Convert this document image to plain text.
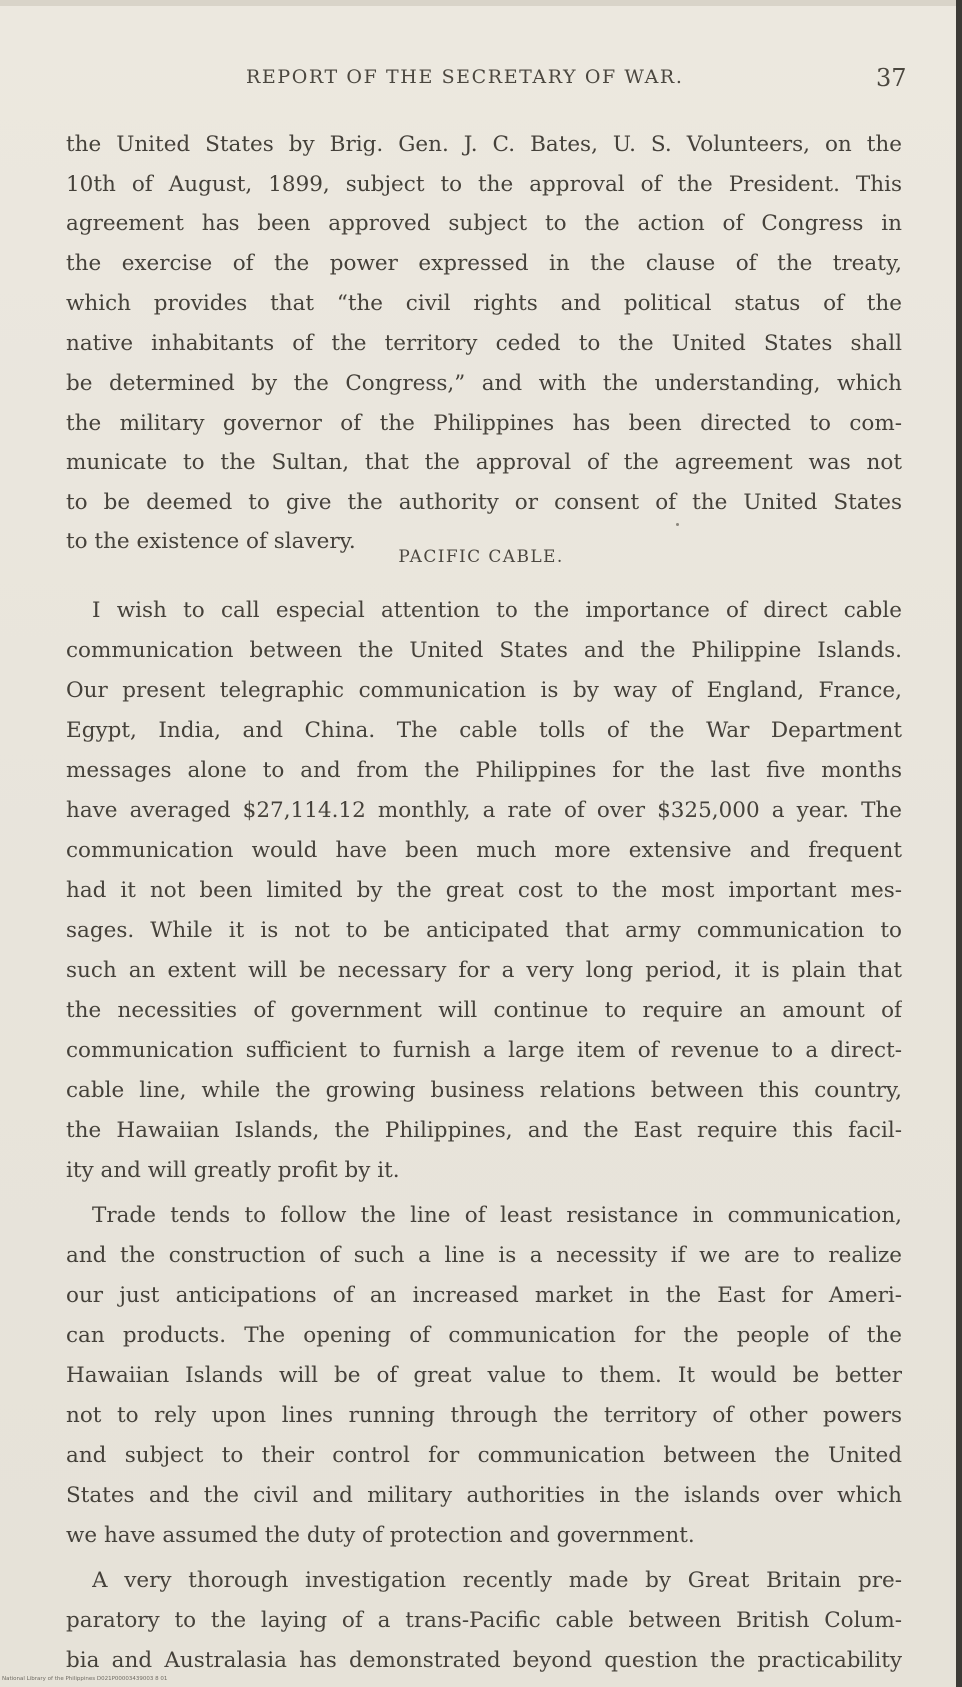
REPORT OF THE SECRETARY OF WAR.	37
the United States by Brig. Gen. J. C. Bates, U. S. Volunteers, on the
10th of August, 1899, subject to the approval of the President. This
agreement has been approved subject to the action of Congress in
the exercise of the power expressed in the clause of the treaty,
which provides that “the civil rights and political status of the
native inhabitants of the territory ceded to the United States shall
be determined by the Congress,” and with the understanding, which
the military governor of the Philippines has been directed to com-
municate to the Sultan, that the approval of the agreement was not
to be deemed to give the authority or consent of the United States
to the existence of slavery.
PACIFIC CABLE.
I wish to call especial attention to the importance of direct cable
communication between the United States and the Philippine Islands.
Our present telegraphic communication is by way of England, France,
Egypt, India, and China. The cable tolls of the War Department
messages alone to and from the Philippines for the last five months
have averaged $27,114.12 monthly, a rate of over $325,000 a year. The
communication would have been much more extensive and frequent
had it not been limited by the great cost to the most important mes-
sages. While it is not to be anticipated that army communication to
such an extent will be necessary for a very long period, it is plain that
the necessities of government will continue to require an amount of
communication sufficient to furnish a large item of revenue to a direct-
cable line, while the growing business relations between this country,
the Hawaiian Islands, the Philippines, and the East require this facil-
ity and will greatly profit by it.
Trade tends to follow the line of least resistance in communication,
and the construction of such a line is a necessity if we are to realize
our just anticipations of an increased market in the East for Ameri-
can products. The opening of communication for the people of the
Hawaiian Islands will be of great value to them. It would be better
not to rely upon lines running through the territory of other powers
and subject to their control for communication between the United
States and the civil and military authorities in the islands over which
we have assumed the duty of protection and government.
A very thorough investigation recently made by Great Britain pre-
paratory to the laying of a trans-Pacific cable between British Colum-
bia and Australasia has demonstrated beyond question the practicability
National Library of the Philippines D021P00003439003 8 01
